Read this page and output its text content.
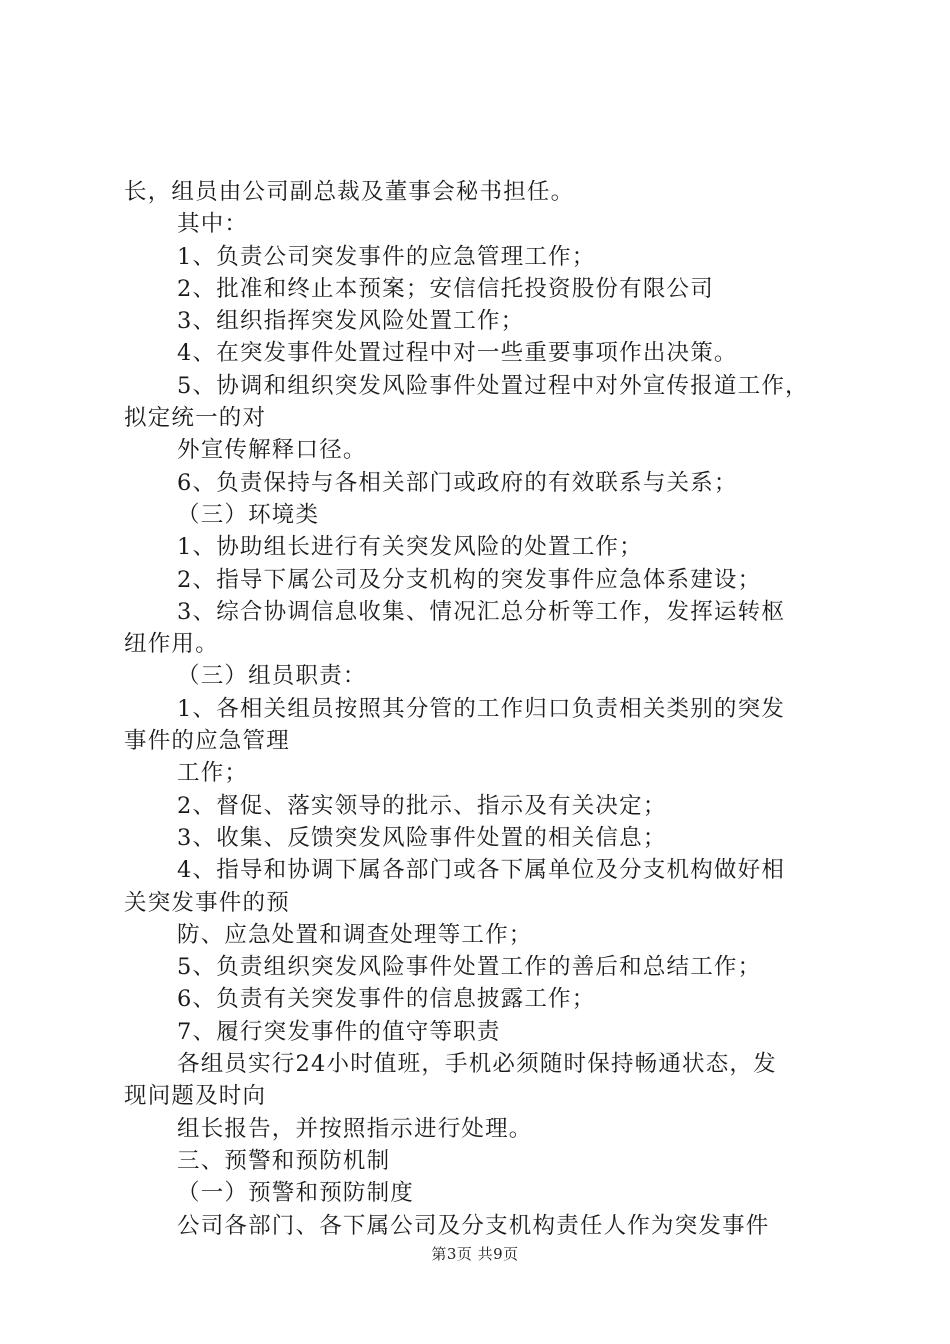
长，组员由公司副总裁及董事会秘书担任。

其中：

1、负责公司突发事件的应急管理工作；

2、批准和终止本预案；安信信托投资股份有限公司

3、组织指挥突发风险处置工作；

4、在突发事件处置过程中对一些重要事项作出决策。

5、协调和组织突发风险事件处置过程中对外宣传报道工作，

拟定统一的对

外宣传解释口径。

6、负责保持与各相关部门或政府的有效联系与关系；

（三）环境类

1、协助组长进行有关突发风险的处置工作；

2、指导下属公司及分支机构的突发事件应急体系建设；

3、综合协调信息收集、情况汇总分析等工作，发挥运转枢

纽作用。

（三）组员职责：

1、各相关组员按照其分管的工作归口负责相关类别的突发

事件的应急管理

工作；

2、督促、落实领导的批示、指示及有关决定；

3、收集、反馈突发风险事件处置的相关信息；

4、指导和协调下属各部门或各下属单位及分支机构做好相

关突发事件的预

防、应急处置和调查处理等工作；

5、负责组织突发风险事件处置工作的善后和总结工作；

6、负责有关突发事件的信息披露工作；

7、履行突发事件的值守等职责

各组员实行24小时值班，手机必须随时保持畅通状态，发

现问题及时向

组长报告，并按照指示进行处理。

三、预警和预防机制

（一）预警和预防制度

公司各部门、各下属公司及分支机构责任人作为突发事件

第3页 共9页
